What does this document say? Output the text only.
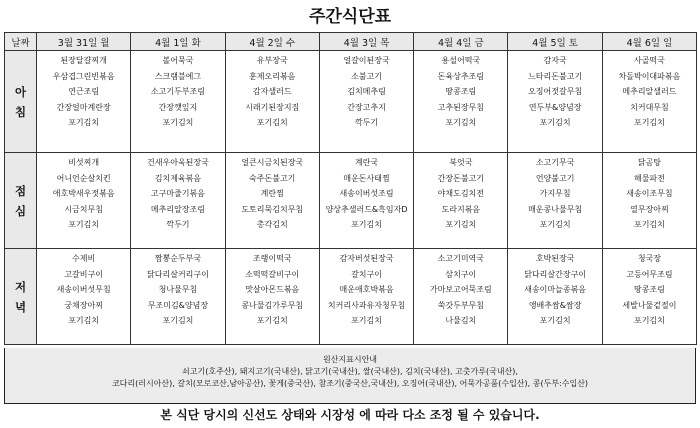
주간식단표
날짜	3월 31일 월	4월 1일 화	4월 2일 수	4월 3일 목	4월 4일 금	4월 5일 토	4월 6일 일
아
침	된장달걀찌개
우삼겹그린빈볶음
연근조림
간장얼마계란장
포기김치	볼어묵국
스크램블에그
소고기두부조림
간장깻잎지
포기김치	유부장국
훈제오리볶음
감자샐러드
시래기된장지짐
포기김치	얼갈이된장국
소불고기
김치메추림
간장고추지
깍두기	용설어떡국
돈육상추조림
땅콩조림
고추된장무침
포기김치	감자국
느타리돈불고기
오징어젓갈무침
연두부&양념장
포기김치	사골떡국
차돌박이대파볶음
메추리알샐러드
치커대무침
포기김치

점
심	비섯찌개
어니언순살치킨
애호박새우젓볶음
시금치무침
포기김치	건새우아욱된장국
김치제육볶음
고구마줄기볶음
메추리알장조림
깍두기	얼큰시금치된장국
숙주돈불고기
계란찜
도토리묵김치무침
총각김치	계란국
매운돈사태찜
새송이버섯조림
양상추샐러드&흑임자D
포기김치	북엇국
간장돈불고기
야채도김치전
도라지볶음
포기김치	소고기무국
언양불고기
가지무침
매운콩나물무침
포기김치	닭곰탕
해물파전
새송이조무침
열무장아찌
포기김치

저
녁	수제비
고갈비구이
새송이버섯무침
궁채장아찌
포기김치	짬뽕순두부국
닭다리살커리구이
청나물무침
무조미김&양념장
포기김치	조랭이떡국
소떡떡갈비구이
맛살아몬드볶음
콩나물김가루무침
포기김치	감자버섯된장국
갈치구이
매운애호박볶음
치커리사과유자청무침
포기김치	소고기미역국
삼치구이
가마보고어묵조림
쑥갓두부무침
나물김치	호박된장국
닭다리살간장구이
새송이마늘종볶음
앵배추쌈&쌈장
포기김치	청국장
고등어무조림
땅콩조림
세발나물겉절이
포기김치
원산지표시안내
쇠고기(호주산), 돼지고기(국내산), 닭고기(국내산), 쌀(국내산), 김치(국내산), 고춧가루(국내산),
코다리(러시아산), 갈치(모로코산,남아공산), 꽃게(중국산), 참조기(중국산,국내산), 오징어(국내산), 어묵가공품(수입산), 콩(두부:수입산)
본 식단 당시의 신선도 상태와 시장성 에 따라 다소 조정 될 수 있습니다.
